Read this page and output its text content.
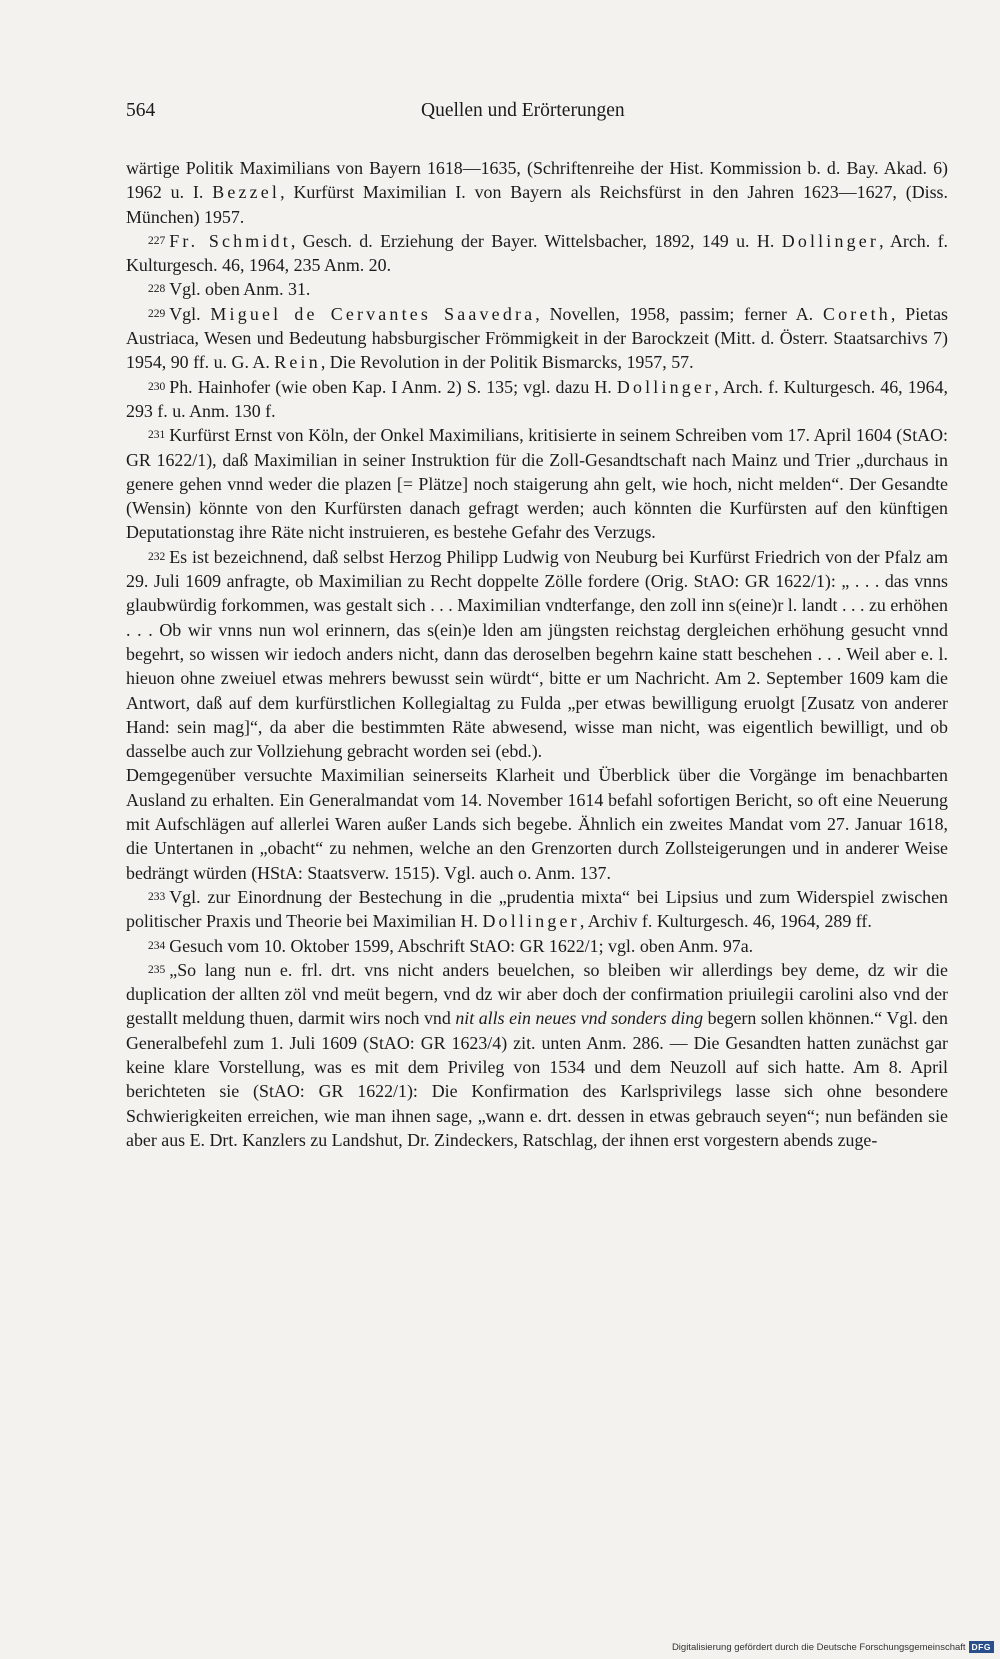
564	Quellen und Erörterungen

wärtige Politik Maximilians von Bayern 1618—1635, (Schriftenreihe der Hist. Kommission b. d. Bay. Akad. 6) 1962 u. I. Bezzel, Kurfürst Maximilian I. von Bayern als Reichsfürst in den Jahren 1623—1627, (Diss. München) 1957.

227 Fr. Schmidt, Gesch. d. Erziehung der Bayer. Wittelsbacher, 1892, 149 u. H. Dollinger, Arch. f. Kulturgesch. 46, 1964, 235 Anm. 20.

228 Vgl. oben Anm. 31.

229 Vgl. Miguel de Cervantes Saavedra, Novellen, 1958, passim; ferner A. Coreth, Pietas Austriaca, Wesen und Bedeutung habsburgischer Frömmigkeit in der Barockzeit (Mitt. d. Österr. Staatsarchivs 7) 1954, 90 ff. u. G. A. Rein, Die Revolution in der Politik Bismarcks, 1957, 57.

230 Ph. Hainhofer (wie oben Kap. I Anm. 2) S. 135; vgl. dazu H. Dollinger, Arch. f. Kulturgesch. 46, 1964, 293 f. u. Anm. 130 f.

231 Kurfürst Ernst von Köln, der Onkel Maximilians, kritisierte in seinem Schreiben vom 17. April 1604 (StAO: GR 1622/1), daß Maximilian in seiner Instruktion für die Zoll-Gesandtschaft nach Mainz und Trier „durchaus in genere gehen vnnd weder die plazen [= Plätze] noch staigerung ahn gelt, wie hoch, nicht melden“. Der Gesandte (Wensin) könnte von den Kurfürsten danach gefragt werden; auch könnten die Kurfürsten auf den künftigen Deputationstag ihre Räte nicht instruieren, es bestehe Gefahr des Verzugs.

232 Es ist bezeichnend, daß selbst Herzog Philipp Ludwig von Neuburg bei Kurfürst Friedrich von der Pfalz am 29. Juli 1609 anfragte, ob Maximilian zu Recht doppelte Zölle fordere (Orig. StAO: GR 1622/1): „ . . . das vnns glaubwürdig forkommen, was gestalt sich . . . Maximilian vndterfange, den zoll inn s(eine)r l. landt . . . zu erhöhen . . . Ob wir vnns nun wol erinnern, das s(ein)e lden am jüngsten reichstag dergleichen erhöhung gesucht vnnd begehrt, so wissen wir iedoch anders nicht, dann das deroselben begehrn kaine statt beschehen . . . Weil aber e. l. hieuon ohne zweiuel etwas mehrers bewusst sein würdt“, bitte er um Nachricht. Am 2. September 1609 kam die Antwort, daß auf dem kurfürstlichen Kollegialtag zu Fulda „per etwas bewilligung eruolgt [Zusatz von anderer Hand: sein mag]“, da aber die bestimmten Räte abwesend, wisse man nicht, was eigentlich bewilligt, und ob dasselbe auch zur Vollziehung gebracht worden sei (ebd.).

Demgegenüber versuchte Maximilian seinerseits Klarheit und Überblick über die Vorgänge im benachbarten Ausland zu erhalten. Ein Generalmandat vom 14. November 1614 befahl sofortigen Bericht, so oft eine Neuerung mit Aufschlägen auf allerlei Waren außer Lands sich begebe. Ähnlich ein zweites Mandat vom 27. Januar 1618, die Untertanen in „obacht“ zu nehmen, welche an den Grenzorten durch Zollsteigerungen und in anderer Weise bedrängt würden (HStA: Staatsverw. 1515). Vgl. auch o. Anm. 137.

233 Vgl. zur Einordnung der Bestechung in die „prudentia mixta“ bei Lipsius und zum Widerspiel zwischen politischer Praxis und Theorie bei Maximilian H. Dollinger, Archiv f. Kulturgesch. 46, 1964, 289 ff.

234 Gesuch vom 10. Oktober 1599, Abschrift StAO: GR 1622/1; vgl. oben Anm. 97a.

235 „So lang nun e. frl. drt. vns nicht anders beuelchen, so bleiben wir allerdings bey deme, dz wir die duplication der allten zöl vnd meüt begern, vnd dz wir aber doch der confirmation priuilegii carolini also vnd der gestallt meldung thuen, darmit wirs noch vnd nit alls ein neues vnd sonders ding begern sollen khönnen.“ Vgl. den Generalbefehl zum 1. Juli 1609 (StAO: GR 1623/4) zit. unten Anm. 286. — Die Gesandten hatten zunächst gar keine klare Vorstellung, was es mit dem Privileg von 1534 und dem Neuzoll auf sich hatte. Am 8. April berichteten sie (StAO: GR 1622/1): Die Konfirmation des Karlsprivilegs lasse sich ohne besondere Schwierigkeiten erreichen, wie man ihnen sage, „wann e. drt. dessen in etwas gebrauch seyen“; nun befänden sie aber aus E. Drt. Kanzlers zu Landshut, Dr. Zindeckers, Ratschlag, der ihnen erst vorgestern abends zuge-

Digitalisierung gefördert durch die Deutsche Forschungsgemeinschaft DFG
